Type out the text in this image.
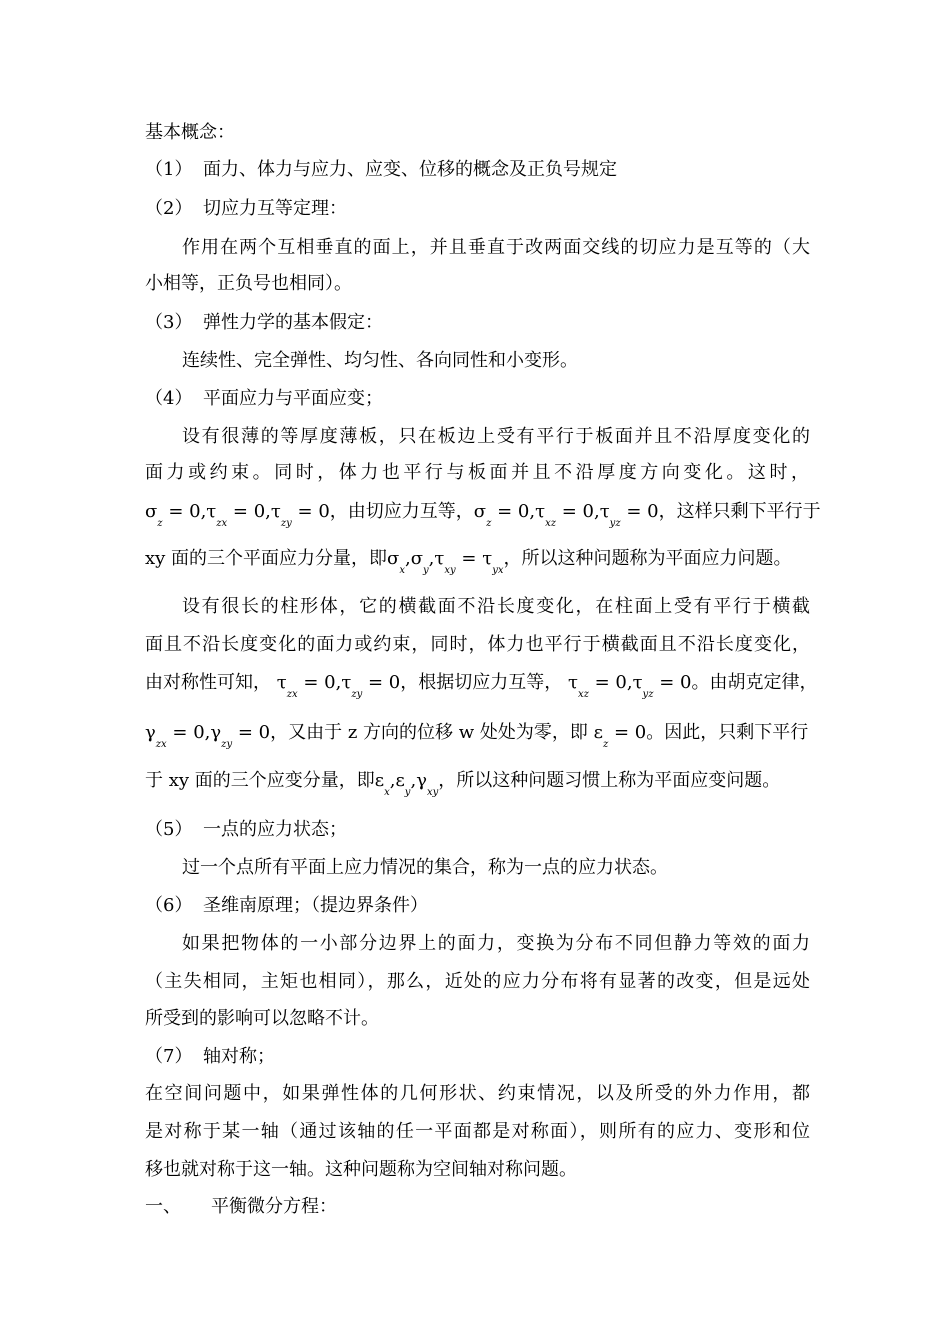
基本概念：
（1） 面力、体力与应力、应变、位移的概念及正负号规定
（2） 切应力互等定理：
作用在两个互相垂直的面上，并且垂直于改两面交线的切应力是互等的（大
小相等，正负号也相同）。
（3） 弹性力学的基本假定：
连续性、完全弹性、均匀性、各向同性和小变形。
（4） 平面应力与平面应变；
设有很薄的等厚度薄板，只在板边上受有平行于板面并且不沿厚度变化的
面力或约束。同时，体力也平行与板面并且不沿厚度方向变化。这时，
$\sigma_z = 0,\tau_{zx} = 0,\tau_{zy} = 0$，由切应力互等，$\sigma_z = 0,\tau_{xz} = 0,\tau_{yz} = 0$，这样只剩下平行于
xy 面的三个平面应力分量，即$\sigma_x,\sigma_y,\tau_{xy} = \tau_{yx}$，所以这种问题称为平面应力问题。
设有很长的柱形体，它的横截面不沿长度变化，在柱面上受有平行于横截
面且不沿长度变化的面力或约束，同时，体力也平行于横截面且不沿长度变化，
由对称性可知， $\tau_{zx} = 0,\tau_{zy} = 0$，根据切应力互等， $\tau_{xz} = 0,\tau_{yz} = 0$。由胡克定律，
$\gamma_{zx} = 0,\gamma_{zy} = 0$，又由于 z 方向的位移 w 处处为零，即 $\varepsilon_z = 0$。因此，只剩下平行
于 xy 面的三个应变分量，即$\varepsilon_x,\varepsilon_y,\gamma_{xy}$，所以这种问题习惯上称为平面应变问题。
（5） 一点的应力状态；
过一个点所有平面上应力情况的集合，称为一点的应力状态。
（6） 圣维南原理；（提边界条件）
如果把物体的一小部分边界上的面力，变换为分布不同但静力等效的面力
（主失相同，主矩也相同），那么，近处的应力分布将有显著的改变，但是远处
所受到的影响可以忽略不计。
（7） 轴对称；
在空间问题中，如果弹性体的几何形状、约束情况，以及所受的外力作用，都
是对称于某一轴（通过该轴的任一平面都是对称面），则所有的应力、变形和位
移也就对称于这一轴。这种问题称为空间轴对称问题。
一、 平衡微分方程：
